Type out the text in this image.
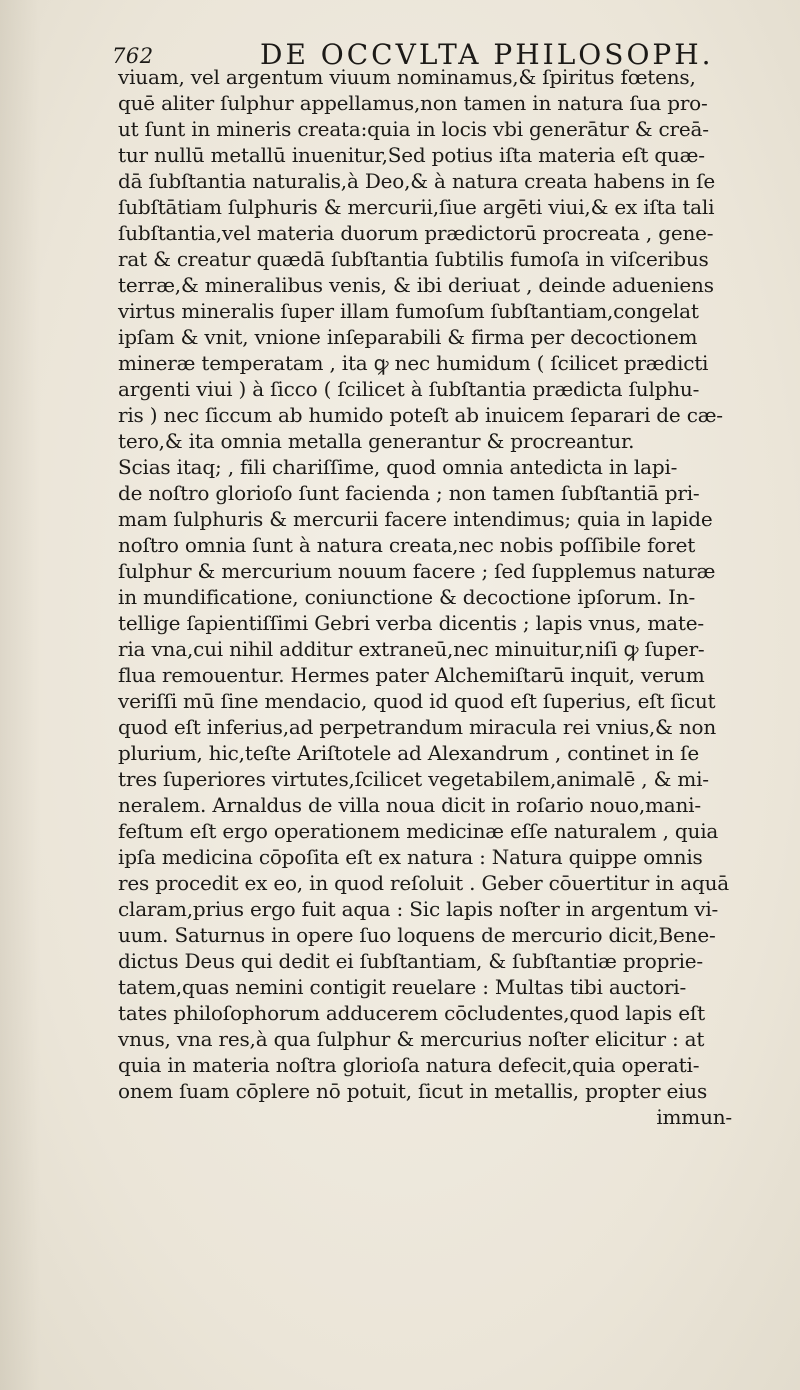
762	DE OCCVLTA PHILOSOPH.
viuam, vel argentum viuum nominamus,& ſpiritus fœtens,
quē aliter ſulphur appellamus,non tamen in natura ſua pro-
ut ſunt in mineris creata:quia in locis vbi generātur & creā-
tur nullū metallū inuenitur,Sed potius iſta materia eſt quæ-
dā ſubſtantia naturalis,à Deo,& à natura creata habens in ſe
ſubſtātiam ſulphuris & mercurii,ſiue argēti viui,& ex iſta tali
ſubſtantia,vel materia duorum prædictorū procreata , gene-
rat & creatur quædā ſubſtantia ſubtilis fumoſa in viſceribus
terræ,& mineralibus venis, & ibi deriuat , deinde adueniens
virtus mineralis ſuper illam fumoſum ſubſtantiam,congelat
ipſam & vnit, vnione inſeparabili & firma per decoctionem
mineræ temperatam , ita ꝙ nec humidum ( ſcilicet prædicti
argenti viui ) à ſicco ( ſcilicet à ſubſtantia prædicta ſulphu-
ris ) nec ſiccum ab humido poteſt ab inuicem ſeparari de cæ-
tero,& ita omnia metalla generantur & procreantur.
Scias itaq; , fili chariſſime, quod omnia antedicta in lapi-
de noſtro glorioſo ſunt facienda ; non tamen ſubſtantiā pri-
mam ſulphuris & mercurii facere intendimus; quia in lapide
noſtro omnia ſunt à natura creata,nec nobis poſſibile foret
ſulphur & mercurium nouum facere ; ſed ſupplemus naturæ
in mundificatione, coniunctione & decoctione ipſorum. In-
tellige ſapientiſſimi Gebri verba dicentis ; lapis vnus, mate-
ria vna,cui nihil additur extraneū,nec minuitur,niſi ꝙ ſuper-
flua remouentur. Hermes pater Alchemiſtarū inquit, verum
veriſſi mū ſine mendacio, quod id quod eſt ſuperius, eſt ſicut
quod eſt inferius,ad perpetrandum miracula rei vnius,& non
plurium, hic,teſte Ariſtotele ad Alexandrum , continet in ſe
tres ſuperiores virtutes,ſcilicet vegetabilem,animalē , & mi-
neralem. Arnaldus de villa noua dicit in roſario nouo,mani-
feſtum eſt ergo operationem medicinæ eſſe naturalem , quia
ipſa medicina cōpoſita eſt ex natura : Natura quippe omnis
res procedit ex eo, in quod reſoluit . Geber cōuertitur in aquā
claram,prius ergo fuit aqua : Sic lapis noſter in argentum vi-
uum. Saturnus in opere ſuo loquens de mercurio dicit,Bene-
dictus Deus qui dedit ei ſubſtantiam, & ſubſtantiæ proprie-
tatem,quas nemini contigit reuelare : Multas tibi auctori-
tates philoſophorum adducerem cōcludentes,quod lapis eſt
vnus, vna res,à qua ſulphur & mercurius noſter elicitur : at
quia in materia noſtra glorioſa natura defecit,quia operati-
onem ſuam cōplere nō potuit, ſicut in metallis, propter eius
immun-
